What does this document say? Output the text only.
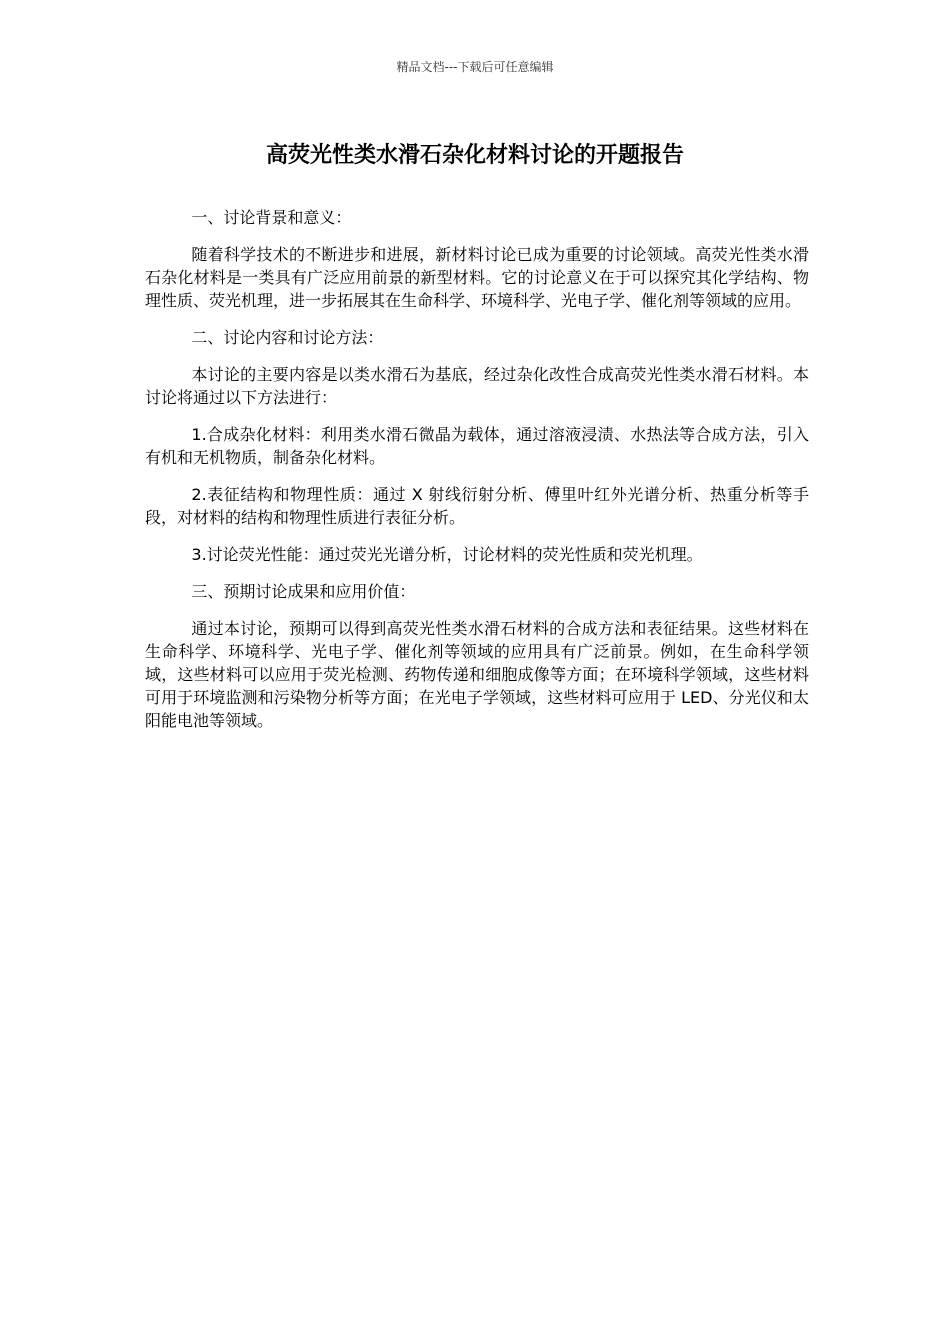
精品文档---下载后可任意编辑
高荧光性类水滑石杂化材料讨论的开题报告

一、讨论背景和意义：

随着科学技术的不断进步和进展，新材料讨论已成为重要的讨论领域。高荧光性类水滑石杂化材料是一类具有广泛应用前景的新型材料。它的讨论意义在于可以探究其化学结构、物理性质、荧光机理，进一步拓展其在生命科学、环境科学、光电子学、催化剂等领域的应用。

二、讨论内容和讨论方法：

本讨论的主要内容是以类水滑石为基底，经过杂化改性合成高荧光性类水滑石材料。本讨论将通过以下方法进行：

1.合成杂化材料：利用类水滑石微晶为载体，通过溶液浸渍、水热法等合成方法，引入有机和无机物质，制备杂化材料。

2.表征结构和物理性质：通过 X 射线衍射分析、傅里叶红外光谱分析、热重分析等手段，对材料的结构和物理性质进行表征分析。

3.讨论荧光性能：通过荧光光谱分析，讨论材料的荧光性质和荧光机理。

三、预期讨论成果和应用价值：

通过本讨论，预期可以得到高荧光性类水滑石材料的合成方法和表征结果。这些材料在生命科学、环境科学、光电子学、催化剂等领域的应用具有广泛前景。例如，在生命科学领域，这些材料可以应用于荧光检测、药物传递和细胞成像等方面；在环境科学领域，这些材料可用于环境监测和污染物分析等方面；在光电子学领域，这些材料可应用于 LED、分光仪和太阳能电池等领域。
